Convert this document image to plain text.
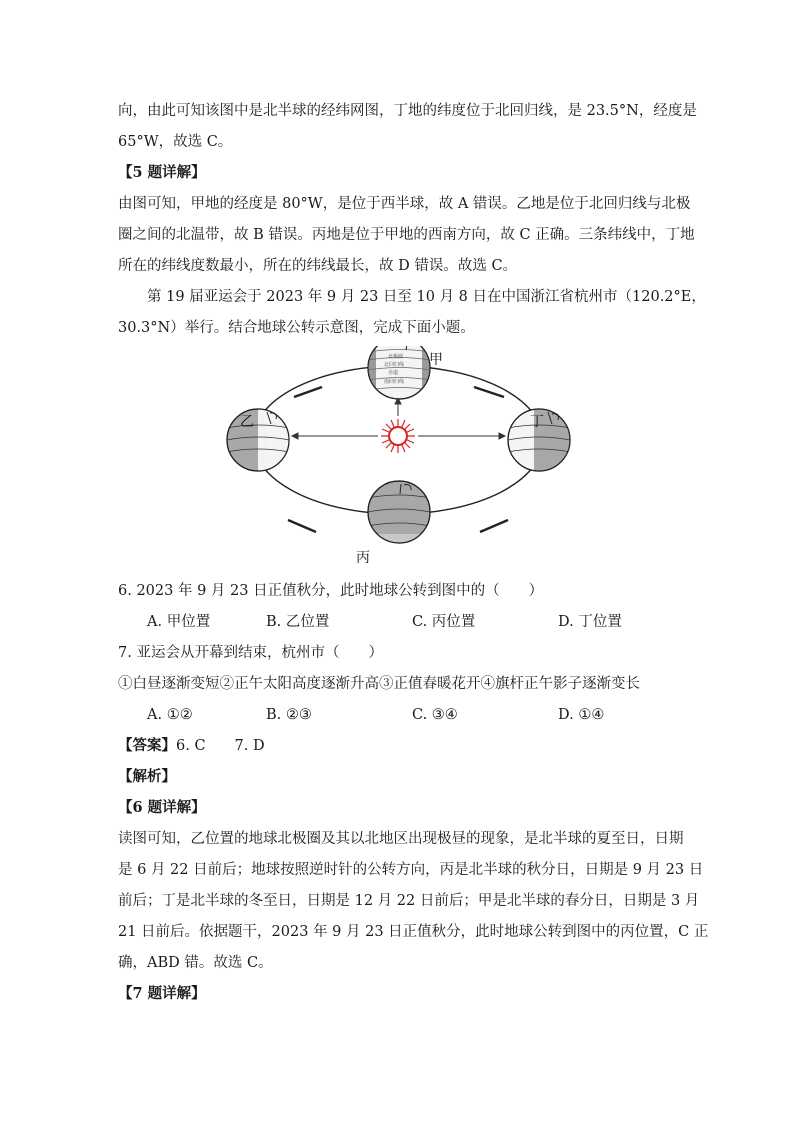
向，由此可知该图中是北半球的经纬网图，丁地的纬度位于北回归线，是 23.5°N，经度是
65°W，故选 C。
【5 题详解】
由图可知，甲地的经度是 80°W，是位于西半球，故 A 错误。乙地是位于北回归线与北极
圈之间的北温带，故 B 错误。丙地是位于甲地的西南方向，故 C 正确。三条纬线中，丁地
所在的纬线度数最小，所在的纬线最长，故 D 错误。故选 C。
第 19 届亚运会于 2023 年 9 月 23 日至 10 月 8 日在中国浙江省杭州市（120.2°E，
30.3°N）举行。结合地球公转示意图，完成下面小题。
北极圈
北回归线
赤道
南回归线
甲
乙	丁
丙
6. 2023 年 9 月 23 日正值秋分，此时地球公转到图中的（　　）
A. 甲位置	B. 乙位置	C. 丙位置	D. 丁位置
7. 亚运会从开幕到结束，杭州市（　　）
①白昼逐渐变短②正午太阳高度逐渐升高③正值春暖花开④旗杆正午影子逐渐变长
A. ①②	B. ②③	C. ③④	D. ①④
【答案】6. C　　7. D
【解析】
【6 题详解】
读图可知，乙位置的地球北极圈及其以北地区出现极昼的现象，是北半球的夏至日，日期
是 6 月 22 日前后；地球按照逆时针的公转方向，丙是北半球的秋分日，日期是 9 月 23 日
前后；丁是北半球的冬至日，日期是 12 月 22 日前后；甲是北半球的春分日，日期是 3 月
21 日前后。依据题干，2023 年 9 月 23 日正值秋分，此时地球公转到图中的丙位置，C 正
确，ABD 错。故选 C。
【7 题详解】
